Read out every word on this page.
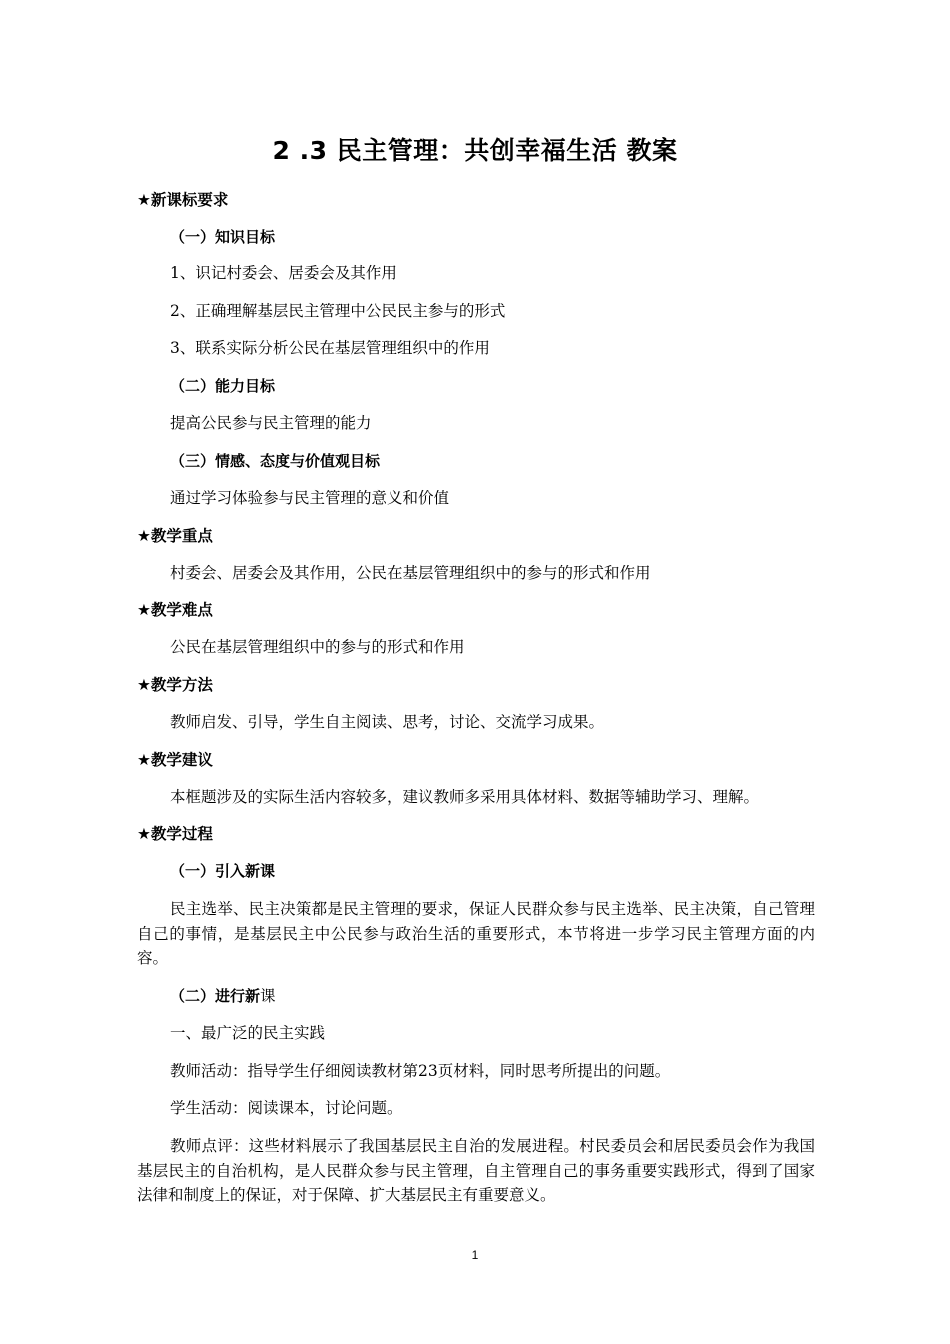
2 .3 民主管理：共创幸福生活 教案
★新课标要求
（一）知识目标
1、识记村委会、居委会及其作用
2、正确理解基层民主管理中公民民主参与的形式
3、联系实际分析公民在基层管理组织中的作用
（二）能力目标
提高公民参与民主管理的能力
（三）情感、态度与价值观目标
通过学习体验参与民主管理的意义和价值
★教学重点
村委会、居委会及其作用，公民在基层管理组织中的参与的形式和作用
★教学难点
公民在基层管理组织中的参与的形式和作用
★教学方法
教师启发、引导，学生自主阅读、思考，讨论、交流学习成果。
★教学建议
本框题涉及的实际生活内容较多，建议教师多采用具体材料、数据等辅助学习、理解。
★教学过程
（一）引入新课
民主选举、民主决策都是民主管理的要求，保证人民群众参与民主选举、民主决策，自己管理自己的事情，是基层民主中公民参与政治生活的重要形式，本节将进一步学习民主管理方面的内容。
（二）进行新课
一、最广泛的民主实践
教师活动：指导学生仔细阅读教材第23页材料，同时思考所提出的问题。
学生活动：阅读课本，讨论问题。
教师点评：这些材料展示了我国基层民主自治的发展进程。村民委员会和居民委员会作为我国基层民主的自治机构，是人民群众参与民主管理，自主管理自己的事务重要实践形式，得到了国家法律和制度上的保证，对于保障、扩大基层民主有重要意义。
1
